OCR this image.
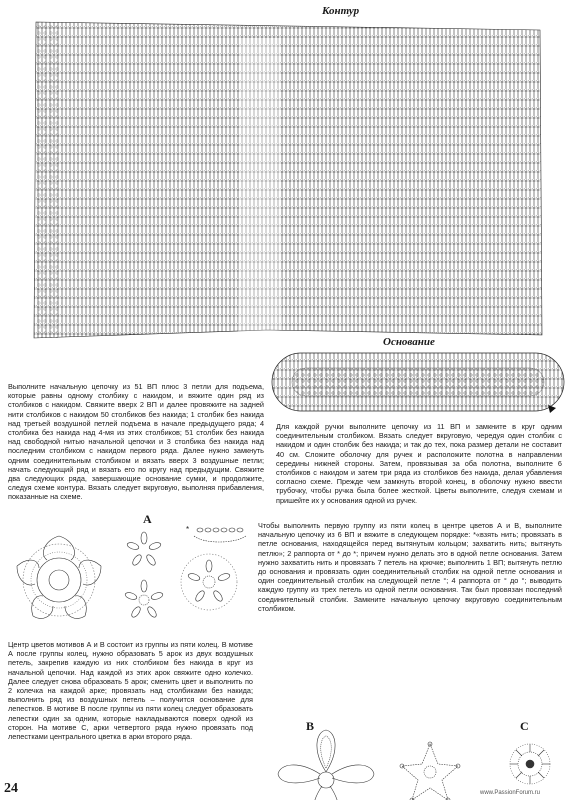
Контур
Основание
Выполните начальную цепочку из 51 ВП плюс 3 петли для подъема, которые равны одному столбику с накидом, и вяжите один ряд из столбиков с накидом. Свяжите вверх 2 ВП и далее провяжите на задней нити столбиков с накидом 50 столбиков без накида; 1 столбик без накида над третьей воздушной петлей подъема в начале предыдущего ряда; 4 столбика без накида над 4-мя из этих столбиков; 51 столбик без накида над свободной нитью начальной цепочки и 3 столбика без накида над последним столбиком с накидом первого ряда. Далее нужно замкнуть одним соединительным столбиком и вязать вверх 3 воздушные петли; начать следующий ряд и вязать его по кругу над предыдущим. Свяжите два следующих ряда, завершающие основание сумки, и продолжите, следуя схеме контура. Вязать следует вкруговую, выполняя прибавления, показанные на схеме.
Для каждой ручки выполните цепочку из 11 ВП и замкните в круг одним соединительным столбиком. Вязать следует вкруговую, чередуя один столбик с накидом и один столбик без накида; и так до тех, пока размер детали не составит 40 см. Сложите оболочку для ручек и расположите полотна в направлении середины нижней стороны. Затем, провязывая за оба полотна, выполните 6 столбиков с накидом и затем три ряда из столбиков без накида, делая убавления согласно схеме. Прежде чем замкнуть второй конец, в оболочку нужно ввести трубочку, чтобы ручка была более жесткой. Цветы выполните, следуя схемам и пришейте их у основания одной из ручек.
Центр цветов мотивов А и В состоит из группы из пяти колец. В мотиве А после группы колец, нужно образовать 5 арок из двух воздушных петель, закрепив каждую из них столбиком без накида в круг из начальной цепочки. Над каждой из этих арок свяжите одно колечко. Далее следует снова образовать 5 арок; сменить цвет и выполнить по 2 колечка на каждой арке; провязать над столбиками без накида; выполнить ряд из воздушных петель – получится основание для лепестков. В мотиве В после группы из пяти колец следует образовать лепестки один за одним, которые накладываются поверх одной из сторон. На мотиве С, арки четвертого ряда нужно провязать под лепестками центрального цветка в арки второго ряда.
Чтобы выполнить первую группу из пяти колец в центре цветов А и В, выполните начальную цепочку из 6 ВП и вяжите в следующем порядке: *«взять нить; провязать в петле основания, находящейся перед вытянутым кольцом; захватить нить; вытянуть петлю»; 2 раппорта от * до *; причем нужно делать это в одной петле основания. Затем нужно захватить нить и провязать 7 петель на крючке; выполнить 1 ВП; вытянуть петлю до основания и провязать один соединительный столбик на одной петле основания и один соединительный столбик на следующей петле °; 4 раппорта от ° до °; выводить каждую группу из трех петель из одной петли основания. Так был провязан последний соединительный столбик. Замкните начальную цепочку вкруговую соединительным столбиком.
A
*
B	C
24	www.PassionForum.ru
